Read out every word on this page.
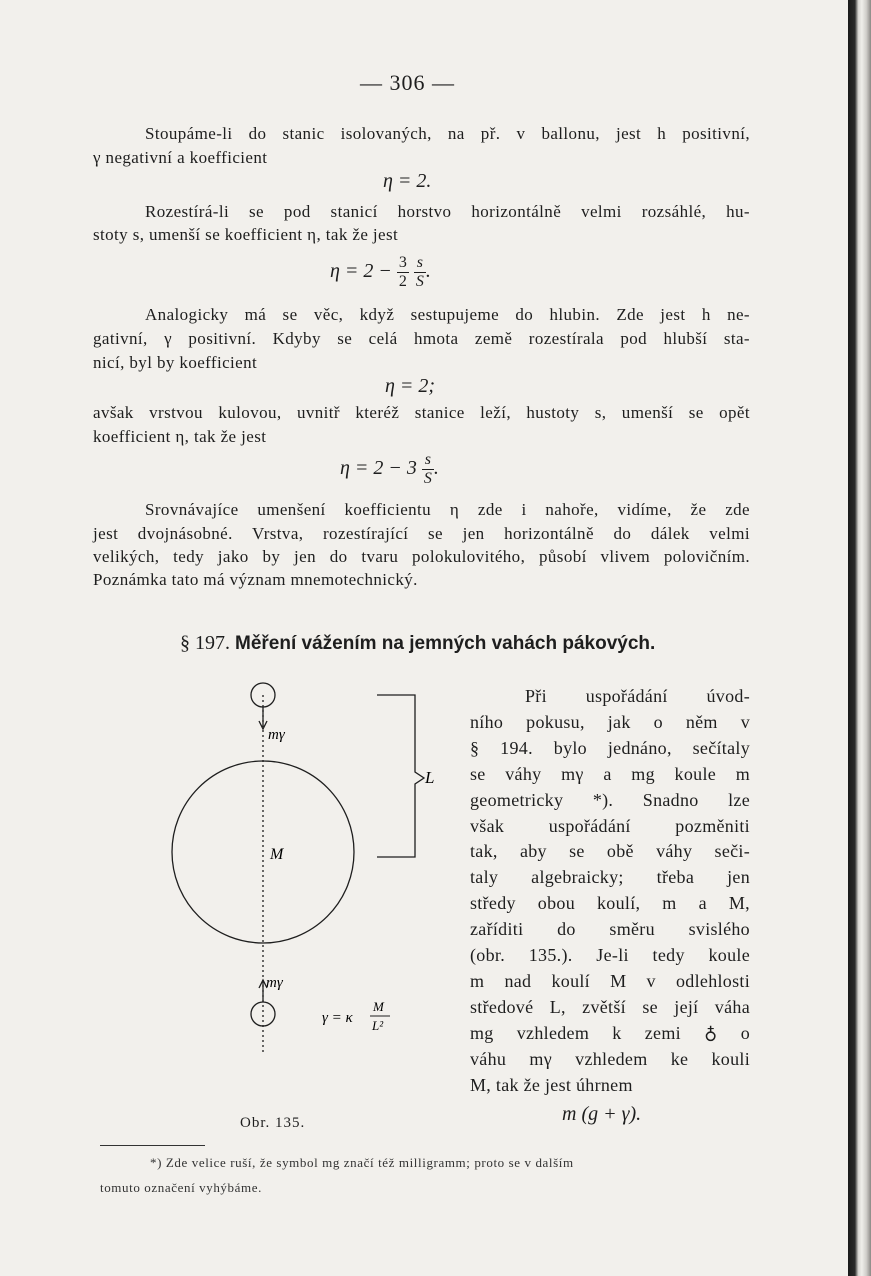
— 306 —
Stoupáme-li do stanic isolovaných, na př. v ballonu, jest h positivní,
γ negativní a koefficient
η = 2.
Rozestírá-li se pod stanicí horstvo horizontálně velmi rozsáhlé, hu-
stoty s, umenší se koefficient η, tak že jest
$\eta = 2 - \frac{3}{2}$
$\frac{s}{S}$ .
Analogicky má se věc, když sestupujeme do hlubin. Zde jest h ne-
gativní, γ positivní. Kdyby se celá hmota země rozestírala pod hlubší sta-
nicí, byl by koefficient
η = 2;
avšak vrstvou kulovou, uvnitř kteréž stanice leží, hustoty s, umenší se opět
koefficient η, tak že jest
$\eta = 2 - 3 \frac{s}{S}$ .
Srovnávajíce umenšení koefficientu η zde i nahoře, vidíme, že zde
jest dvojnásobné. Vrstva, rozestírající se jen horizontálně do dálek velmi
velikých, tedy jako by jen do tvaru polokulovitého, působí vlivem polovičním.
Poznámka tato má význam mnemotechnický.
§ 197. Měření vážením na jemných vahách pákových.
mγ
M
L
mγ
γ = κ
M
L²
Obr. 135.
Při uspořádání úvod-
ního pokusu, jak o něm v
§ 194. bylo jednáno, sečítaly
se váhy mγ a mg koule m
geometricky *). Snadno lze
však uspořádání pozměniti
tak, aby se obě váhy seči-
taly algebraicky; třeba jen
středy obou koulí, m a M,
zaříditi do směru svislého
(obr. 135.). Je-li tedy koule
m nad koulí M v odlehlosti
středové L, zvětší se její váha
mg vzhledem k zemi ♁ o
váhu mγ vzhledem ke kouli
M, tak že jest úhrnem
m (g + γ).
*) Zde velice ruší, že symbol mg značí též milligramm; proto se v dalším
tomuto označení vyhýbáme.
